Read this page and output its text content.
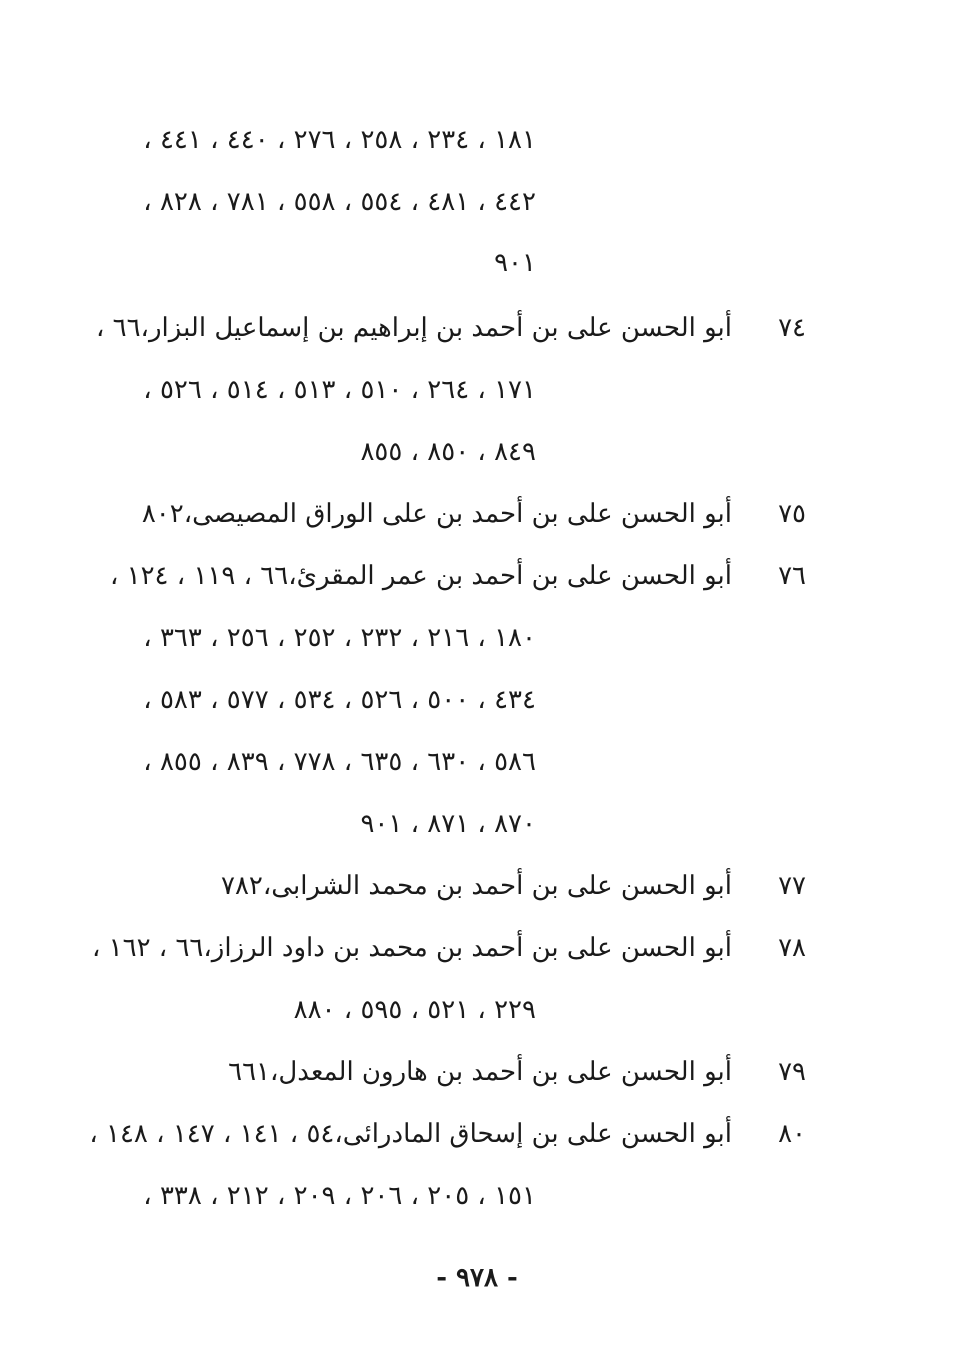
١٨١ ، ٢٣٤ ، ٢٥٨ ، ٢٧٦ ، ٤٤٠ ، ٤٤١ ،
٤٤٢ ، ٤٨١ ، ٥٥٤ ، ٥٥٨ ، ٧٨١ ، ٨٢٨ ،
٩٠١
٧٤
أبو الحسن على بن أحمد بن إبراهيم بن إسماعيل البزار،٦٦ ،
١٧١ ، ٢٦٤ ، ٥١٠ ، ٥١٣ ، ٥١٤ ، ٥٢٦ ،
٨٤٩ ، ٨٥٠ ، ٨٥٥
٧٥
أبو الحسن على بن أحمد بن على الوراق المصيصى،٨٠٢
٧٦
أبو الحسن على بن أحمد بن عمر المقرئ،٦٦ ، ١١٩ ، ١٢٤ ،
١٨٠ ، ٢١٦ ، ٢٣٢ ، ٢٥٢ ، ٢٥٦ ، ٣٦٣ ،
٤٣٤ ، ٥٠٠ ، ٥٢٦ ، ٥٣٤ ، ٥٧٧ ، ٥٨٣ ،
٥٨٦ ، ٦٣٠ ، ٦٣٥ ، ٧٧٨ ، ٨٣٩ ، ٨٥٥ ،
٨٧٠ ، ٨٧١ ، ٩٠١
٧٧
أبو الحسن على بن أحمد بن محمد الشرابى،٧٨٢
٧٨
أبو الحسن على بن أحمد بن محمد بن داود الرزاز،٦٦ ، ١٦٢ ،
٢٢٩ ، ٥٢١ ، ٥٩٥ ، ٨٨٠
٧٩
أبو الحسن على بن أحمد بن هارون المعدل،٦٦١
٨٠
أبو الحسن على بن إسحاق المادرائى،٥٤ ، ١٤١ ، ١٤٧ ، ١٤٨ ،
١٥١ ، ٢٠٥ ، ٢٠٦ ، ٢٠٩ ، ٢١٢ ، ٣٣٨ ،
- ٩٧٨ -
